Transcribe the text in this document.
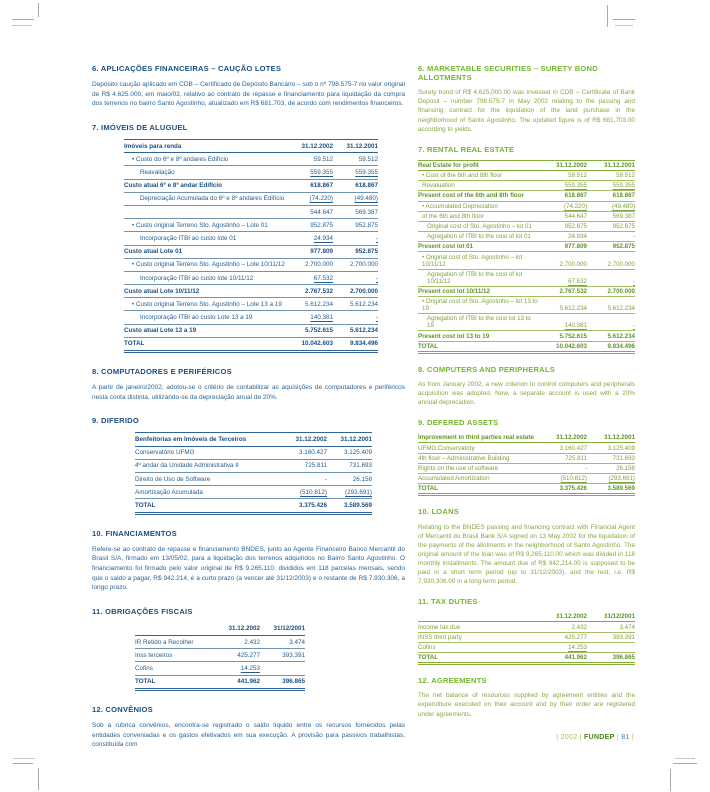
6. APLICAÇÕES FINANCEIRAS – CAUÇÃO LOTES

Depósito caução aplicado em CDB – Certificado de Depósito Bancário – sob o nº 798.575-7 no valor original de R$ 4.625.000, em maio/02, relativo ao contrato de repasse e financiamento para liquidação da compra dos terrenos no bairro Santo Agostinho, atualizado em R$ 681.703, de acordo com rendimentos financeiros.

7. IMÓVEIS DE ALUGUEL
Imóveis para renda	31.12.2002	31.12.2001
• Custo do 6º e 8º andares Edifício	59.512	59.512
Reavaliação	559.355	559.355
Custo atual 6º e 8º andar Edifício	618.867	618.867
Depreciação Acumulada do 6º e 8º andares Edifício	(74.220)	(49.480)
	544.647	569.387
• Custo original Terreno Sto. Agostinho – Lote 01	952.875	952.875
Incorporação ITBI ao custo lote 01	24.934	-
Custo atual Lote 01	977.809	952.875
• Custo original Terreno Sto. Agostinho – Lote 10/11/12	2.700.000	2.700.000
Incorporação ITBI ao custo lote 10/11/12	67.532	-
Custo atual Lote 10/11/12	2.767.532	2.700.000
• Custo original Terreno Sto. Agostinho – Lote 13 a 19	5.612.234	5.612.234
Incorporação ITBI ao custo Lote 13 a 19	140.381	-
Custo atual Lote 13 a 19	5.752.615	5.612.234
TOTAL	10.042.603	9.834.496
8. COMPUTADORES E PERIFÉRICOS

A partir de janeiro/2002, adotou-se o critério de contabilizar as aquisições de computadores e periféricos nesta conta distinta, utilizando-se da depreciação anual de 20%.

9. DIFERIDO
Benfeitorias em Imóveis de Terceiros	31.12.2002	31.12.2001
Conservatório UFMG	3.160.427	3.125.409
4º andar da Unidade Administrativa II	725.811	731.693
Direito de Uso de Software	-	26.158
Amortização Acumulada	(510.812)	(293.691)
TOTAL	3.375.426	3.589.569
10. FINANCIAMENTOS

Refere-se ao contrato de repasse e financiamento BNDES, junto ao Agente Financeiro Banco Mercantil do Brasil S/A, firmado em 13/05/02, para a liquidação dos terrenos adquiridos no Bairro Santo Agostinho. O financiamento foi firmado pelo valor original de R$ 9.265.110, divididos em 118 parcelas mensais, sendo que o saldo a pagar, R$ 942.214, é a curto prazo (a vencer até 31/12/2003) e o restante de R$ 7.930.306, a longo prazo.

11. OBRIGAÇÕES FISCAIS
	31.12.2002	31/12/2001
IR Retido a Recolher	2.432	3.474
Inss terceiros	425.277	393.391
Cofins	14.253	
TOTAL	441.962	396.865
12. CONVÊNIOS

Sob a rubrica convênios, encontra-se registrado o saldo líquido entre os recursos fornecidos pelas entidades conveniadas e os gastos efetivados em sua execução. A provisão para passivos trabalhistas, constituída com

6. MARKETABLE SECURITIES – SURETY BOND ALLOTMENTS

Surety bond of R$ 4,625,000.00 was invested in CDB – Certificate of Bank Deposit – number 798.575-7 in May 2002 relating to the passing and financing contract for the liquidation of the land purchase in the neighborhood of Santo Agostinho. The updated figure is of R$ 681,703.00 according to yields.

7. RENTAL REAL ESTATE
Real Estate for profit	31.12.2002	31.12.2001
• Cost of the 6th and 8th floor	59.512	59.512
Revaluation	559.355	559.355
Present cost of the 6th and 8th floor	618.867	618.867
• Accumulated Depreciation	(74.220)	(49.480)
of the 6th and 8th floor	544.647	569.387
Original cost of Sto. Agostinho – lot 01	952.875	952.875
Agregation of ITBI to the cost of lot 01	24.934	-
Present cost lot 01	977.809	952.875
• Original cost of Sto. Agostinho – lot 10/11/12	2.700.000	2.700.000
Agregation of ITBI to the cost of lot 10/11/12	67.532	-
Present cost lot 10/11/12	2.767.532	2.700.000
• Original cost of Sto. Agostinho – lot 13 to 19	5.612.234	5.612.234
Agregation of ITBI to the cost lot 13 to 19	140.381	-
Present cost lot 13 to 19	5.752.615	5.612.234
TOTAL	10.042.603	9.834.496
8. COMPUTERS AND PERIPHERALS

As from January 2002, a new criterion to control computers and peripherals acquisition was adopted. Now, a separate account is used with a 20% annual depreciation.

9. DEFERED ASSETS
Improvement in third parties real estate	31.12.2002	31.12.2001
UFMG Conservatory	3.160.427	3.125.409
4th floor – Administrative Building	725.811	731.693
Rights on the use of software	-	26.158
Accumulated Amortization	(510.812)	(293.691)
TOTAL	3.375.426	3.589.569
10. LOANS

Relating to the BNDES passing and financing contract with Financial Agent of Mercantil do Brasil Bank S/A signed on 13 May 2002 for the liquidation of the payments of the allotments in the neighborhood of Santo Agostinho. The original amount of the loan was of R$ 9,265,110.00 which was divided in 118 monthly installments. The amount due of R$ 942,214.00 is supposed to be paid in a short term period (up to 31/12/2003), and the rest, i.e. R$ 7,930,306.00 in a long term period.

11. TAX DUTIES
	31.12.2002	31/12/2001
Income tax due	2.432	3.474
INSS third party	425.277	393.391
Cofins	14.253	
TOTAL	441.962	396.865
12. AGREEMENTS

The net balance of resources supplied by agreement entities and the expenditure executed on their account and by their order are registered under agreements.

| 2002 | FUNDEP | 81 |
